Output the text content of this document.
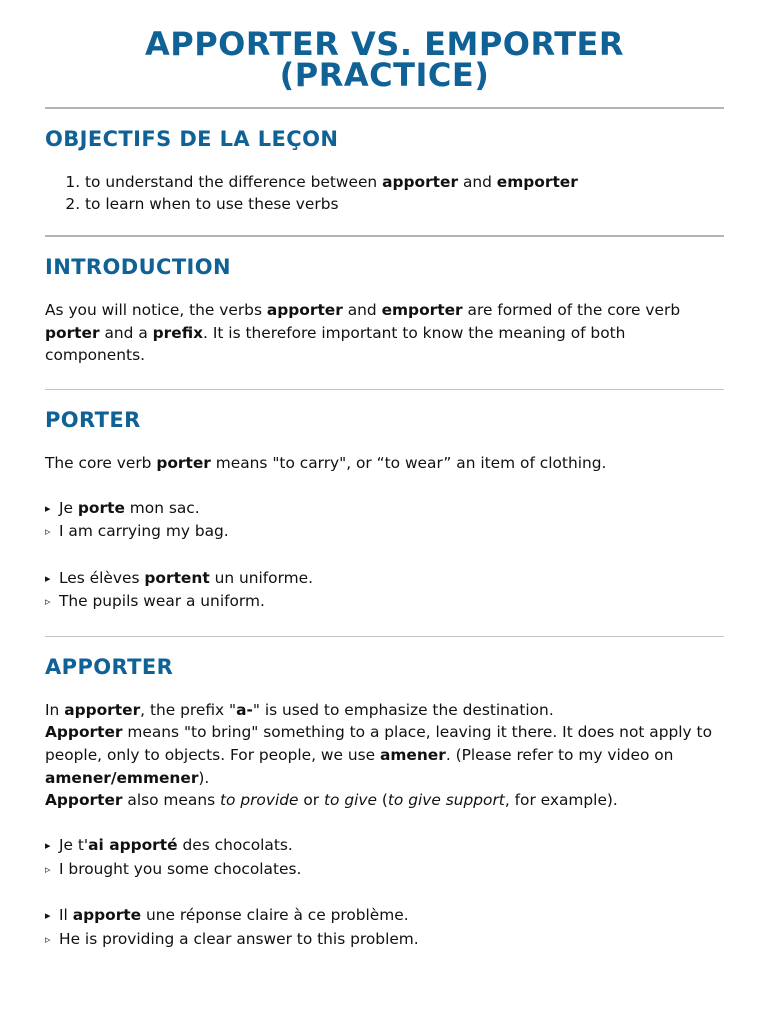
APPORTER VS. EMPORTER
(PRACTICE)
OBJECTIFS DE LA LEÇON
1. to understand the difference between apporter and emporter
2. to learn when to use these verbs
INTRODUCTION

As you will notice, the verbs apporter and emporter are formed of the core verb porter and a prefix. It is therefore important to know the meaning of both components.

PORTER

The core verb porter means "to carry", or “to wear” an item of clothing.

▸ Je porte mon sac.
▹ I am carrying my bag.
▸ Les élèves portent un uniforme.
▹ The pupils wear a uniform.
APPORTER

In apporter, the prefix "a-" is used to emphasize the destination.

Apporter means "to bring" something to a place, leaving it there. It does not apply to people, only to objects. For people, we use amener. (Please refer to my video on amener/emmener).

Apporter also means to provide or to give (to give support, for example).

▸ Je t'ai apporté des chocolats.
▹ I brought you some chocolates.
▸ Il apporte une réponse claire à ce problème.
▹ He is providing a clear answer to this problem.
